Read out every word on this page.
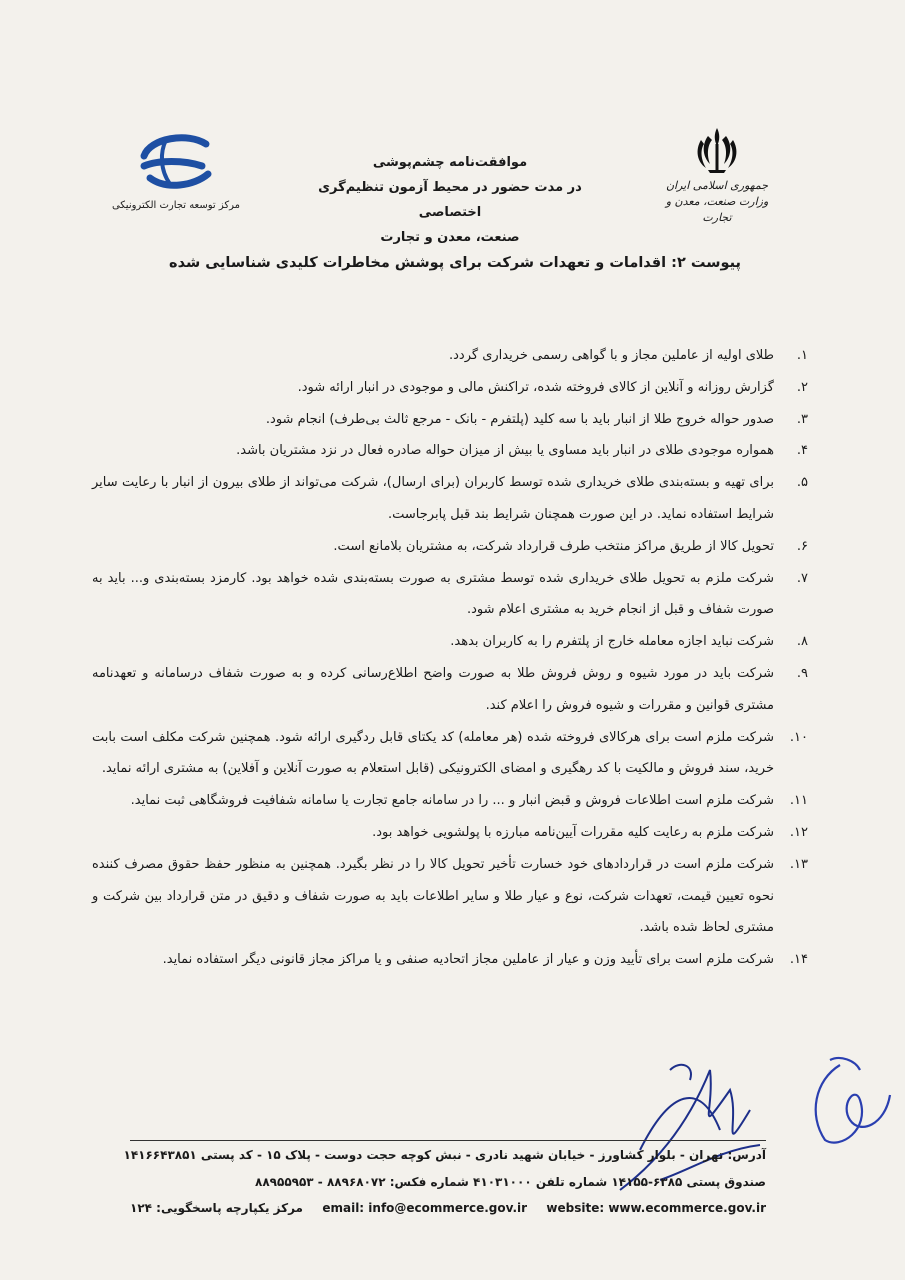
جمهوری اسلامی ایران
وزارت صنعت، معدن و تجارت
مرکز توسعه تجارت الکترونیکی
موافقت‌نامه چشم‌پوشی
در مدت حضور در محیط آزمون تنظیم‌گری اختصاصی
صنعت، معدن و تجارت
پیوست ۲: اقدامات و تعهدات شرکت برای پوشش مخاطرات کلیدی شناسایی شده
۱.
طلای اولیه از عاملین مجاز و با گواهی رسمی خریداری گردد.
۲.
گزارش روزانه و آنلاین از کالای فروخته شده، تراکنش مالی و موجودی در انبار ارائه شود.
۳.
صدور حواله خروج طلا از انبار باید با سه کلید (پلتفرم - بانک - مرجع ثالث بی‌طرف) انجام شود.
۴.
همواره موجودی طلای در انبار باید مساوی یا بیش از میزان حواله صادره فعال در نزد مشتریان باشد.
۵.
برای تهیه و بسته‌بندی طلای خریداری شده توسط کاربران (برای ارسال)، شرکت می‌تواند از طلای بیرون از انبار با رعایت سایر شرایط استفاده نماید. در این صورت همچنان شرایط بند قبل پابرجاست.
۶.
تحویل کالا از طریق مراکز منتخب طرف قرارداد شرکت، به مشتریان بلامانع است.
۷.
شرکت ملزم به تحویل طلای خریداری شده توسط مشتری به صورت بسته‌بندی شده خواهد بود. کارمزد بسته‌بندی و... باید به صورت شفاف و قبل از انجام خرید به مشتری اعلام شود.
۸.
شرکت نباید اجازه معامله خارج از پلتفرم را به کاربران بدهد.
۹.
شرکت باید در مورد شیوه و روش فروش طلا به صورت واضح اطلاع‌رسانی کرده و به صورت شفاف درسامانه و تعهدنامه مشتری قوانین و مقررات و شیوه فروش را اعلام کند.
۱۰.
شرکت ملزم است برای هرکالای فروخته شده (هر معامله) کد یکتای قابل ردگیری ارائه شود. همچنین شرکت مکلف است بابت خرید، سند فروش و مالکیت با کد رهگیری و امضای الکترونیکی (قابل استعلام به صورت آنلاین و آفلاین) به مشتری ارائه نماید.
۱۱.
شرکت ملزم است اطلاعات فروش و قبض انبار و ... را در سامانه جامع تجارت یا سامانه شفافیت فروشگاهی ثبت نماید.
۱۲.
شرکت ملزم به رعایت کلیه مقررات آیین‌نامه مبارزه با پولشویی خواهد بود.
۱۳.
شرکت ملزم است در قراردادهای خود خسارت تأخیر تحویل کالا را در نظر بگیرد. همچنین به منظور حفظ حقوق مصرف کننده نحوه تعیین قیمت، تعهدات شرکت، نوع و عیار طلا و سایر اطلاعات باید به صورت شفاف و دقیق در متن قرارداد بین شرکت و مشتری لحاظ شده باشد.
۱۴.
شرکت ملزم است برای تأیید وزن و عیار از عاملین مجاز اتحادیه صنفی و یا مراکز مجاز قانونی دیگر استفاده نماید.
آدرس: تهران - بلوار کشاورز - خیابان شهید نادری - نبش کوچه حجت دوست - پلاک ۱۵ - کد پستی ۱۴۱۶۶۴۳۸۵۱
صندوق پستی ۶۳۸۵-۱۴۱۵۵ شماره تلفن ۴۱۰۳۱۰۰۰ شماره فکس: ۸۸۹۶۸۰۷۲ - ۸۸۹۵۵۹۵۳
مرکز یکپارچه پاسخگویی: ۱۲۴ email: info@ecommerce.gov.ir website: www.ecommerce.gov.ir
